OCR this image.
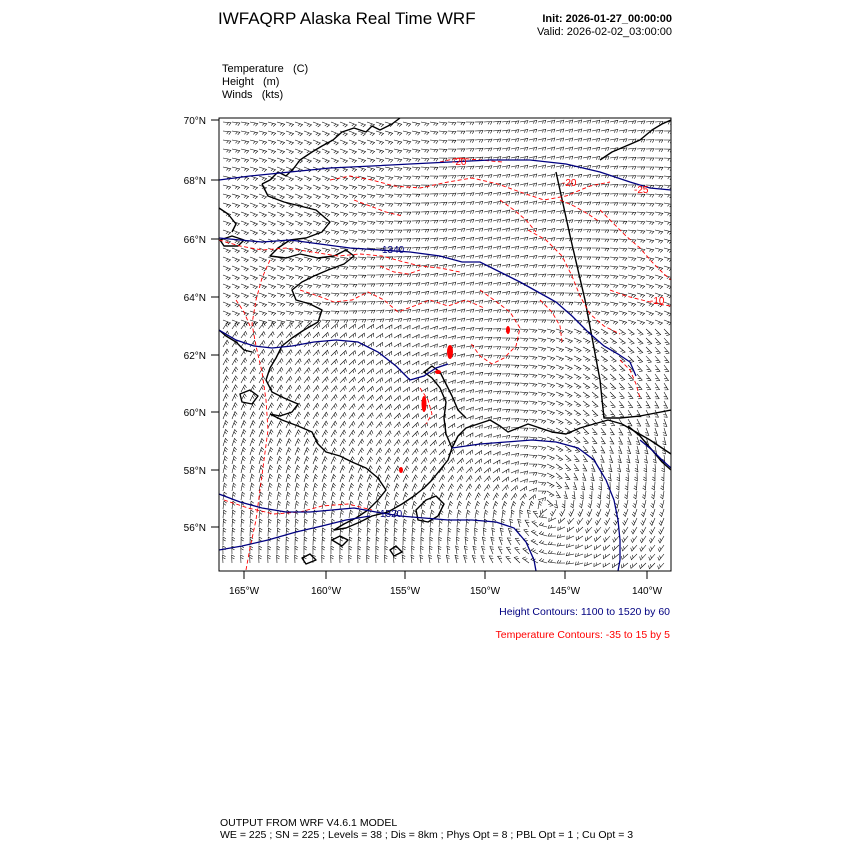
IWFAQRP Alaska Real Time WRF	Init: 2026-01-27_00:00:00
Valid: 2026-02-02_03:00:00
Temperature (C)
Height (m)
Winds (kts)
1340
1320
-20
-20
-25
-10
70°N
68°N
66°N
64°N
62°N
60°N
58°N
56°N
165°W	160°W	155°W	150°W	145°W	140°W
Height Contours: 1100 to 1520 by 60
Temperature Contours: -35 to 15 by 5
OUTPUT FROM WRF V4.6.1 MODEL
WE = 225 ; SN = 225 ; Levels = 38 ; Dis = 8km ; Phys Opt = 8 ; PBL Opt = 1 ; Cu Opt = 3
